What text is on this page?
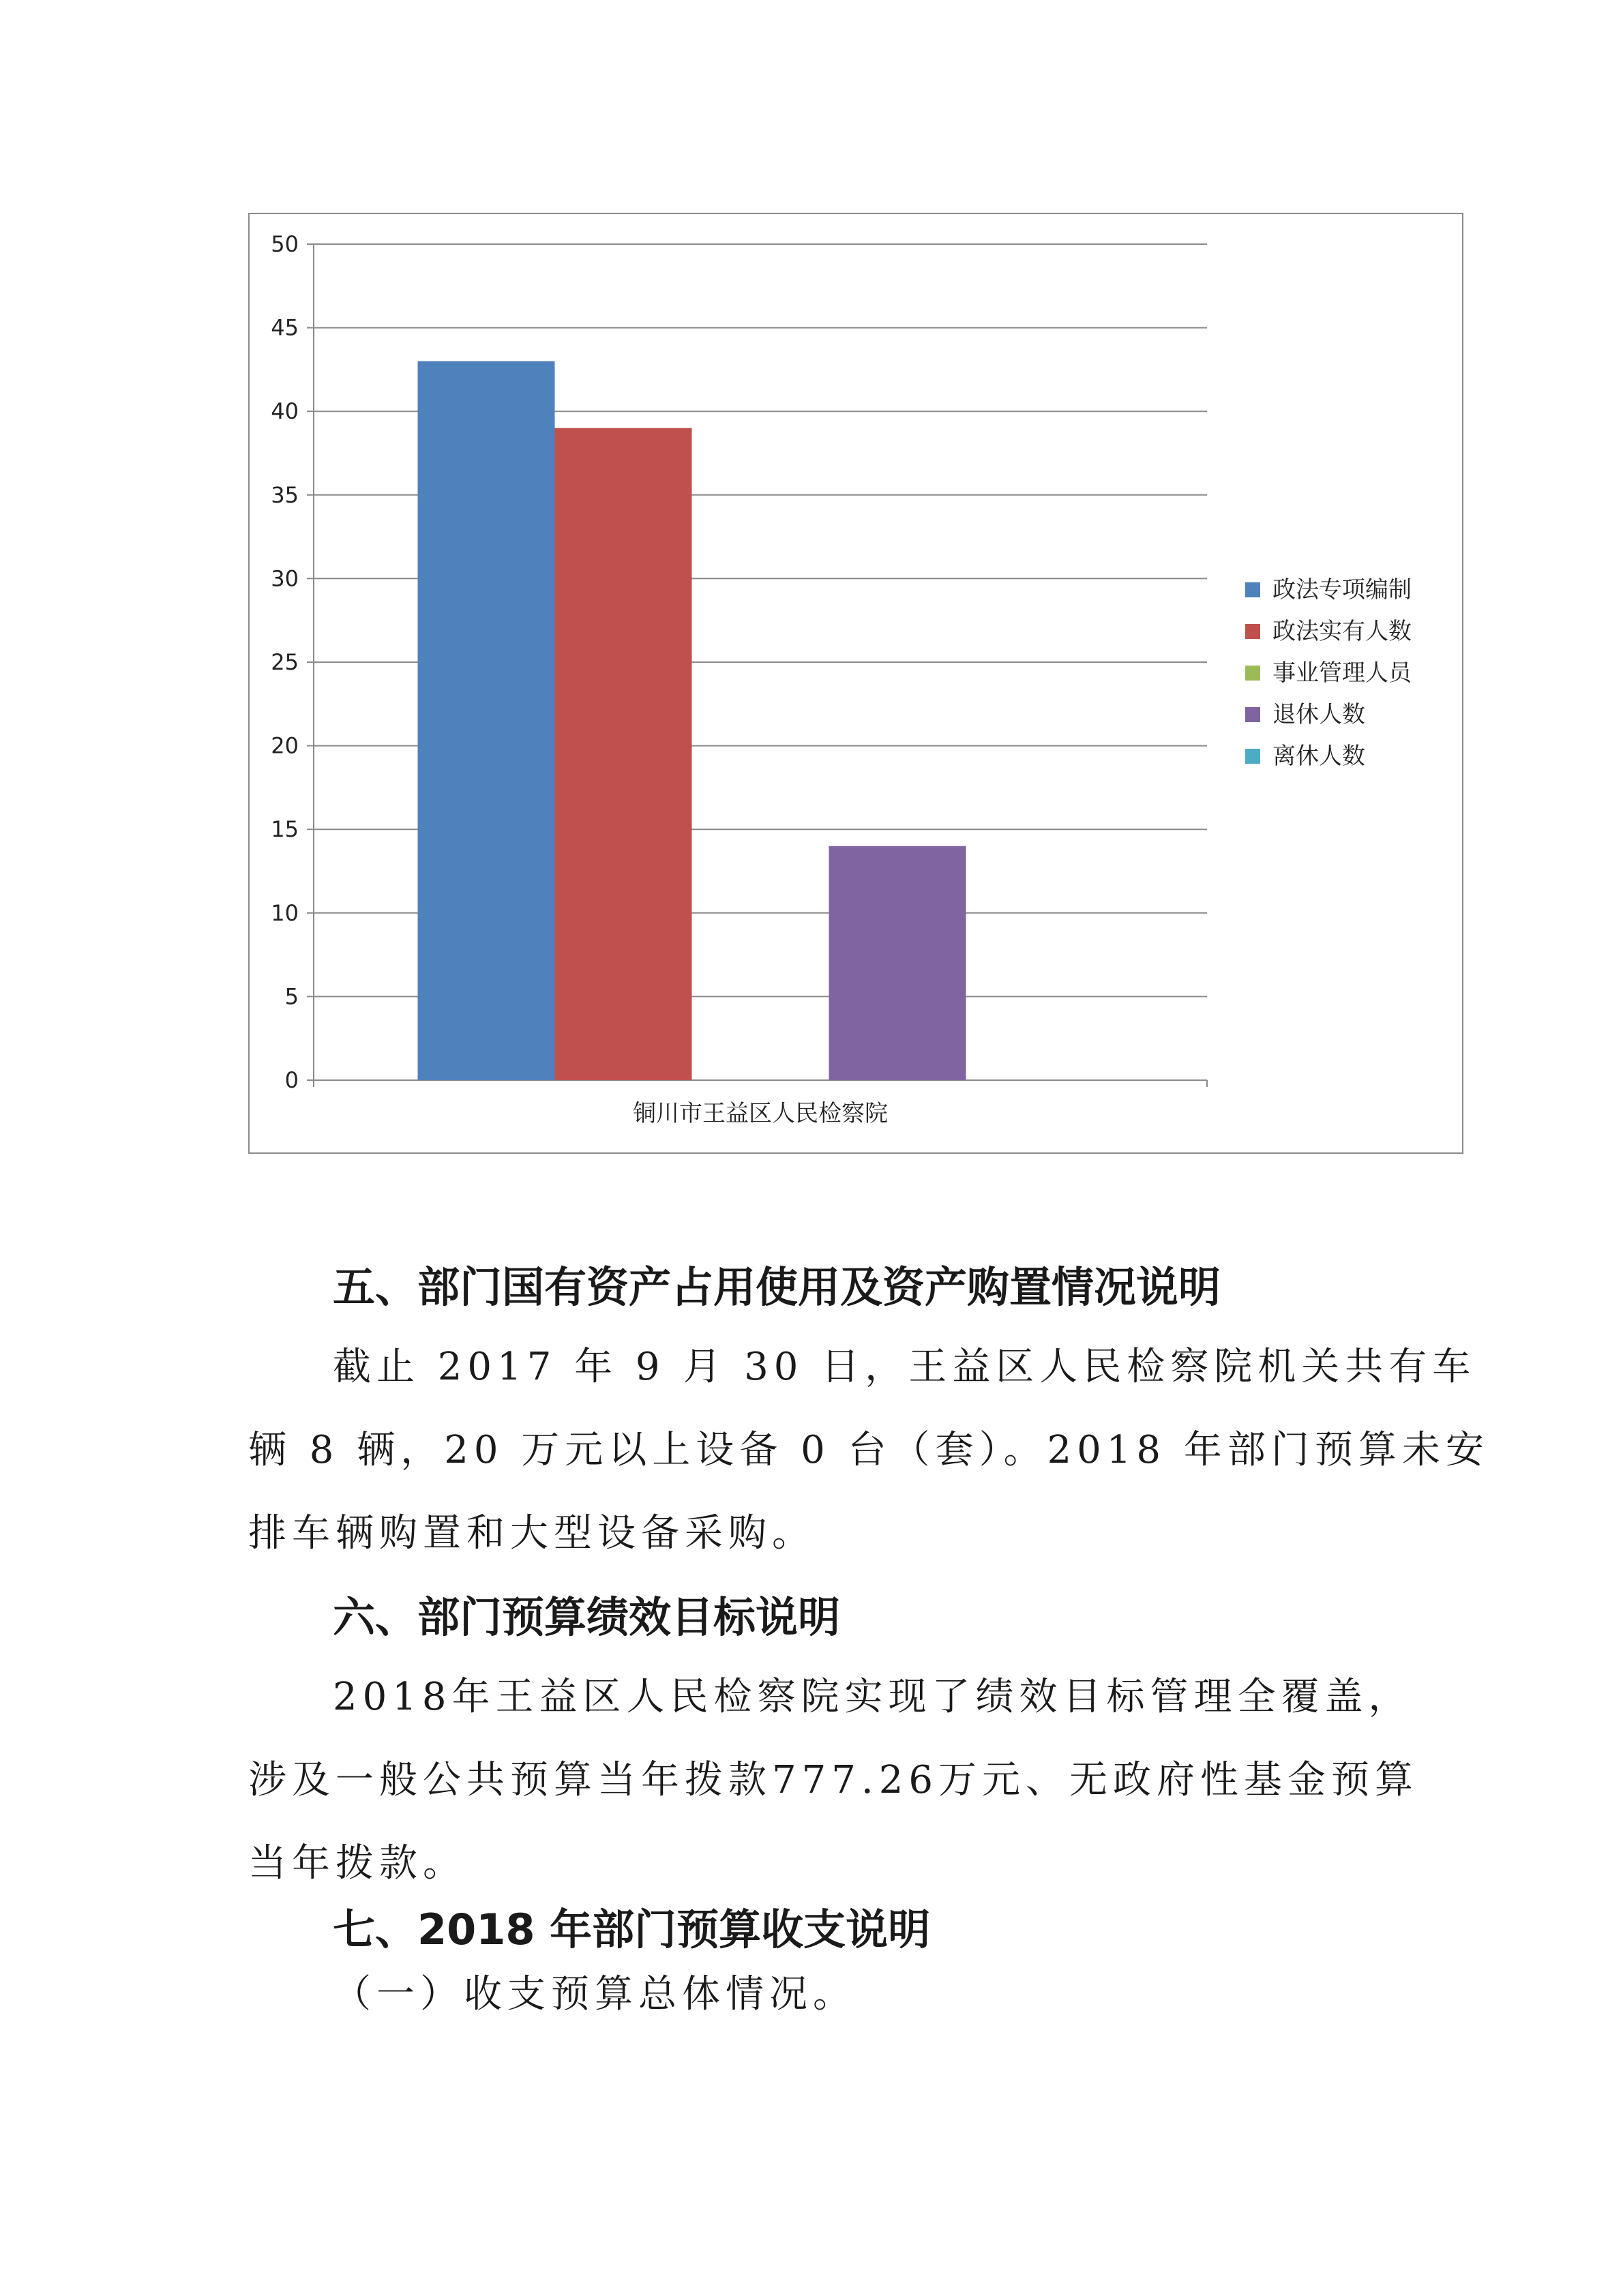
0
5
10
15
20
25
30
35
40
45
50
铜川市王益区人民检察院
政法专项编制
政法实有人数
事业管理人员
退休人数
离休人数
五、部门国有资产占用使用及资产购置情况说明

截止 2017 年 9 月 30 日，王益区人民检察院机关共有车

辆 8 辆，20 万元以上设备 0 台（套）。2018 年部门预算未安

排车辆购置和大型设备采购。

六、部门预算绩效目标说明

2018年王益区人民检察院实现了绩效目标管理全覆盖，

涉及一般公共预算当年拨款777.26万元、无政府性基金预算

当年拨款。

七、2018 年部门预算收支说明

（一）收支预算总体情况。
